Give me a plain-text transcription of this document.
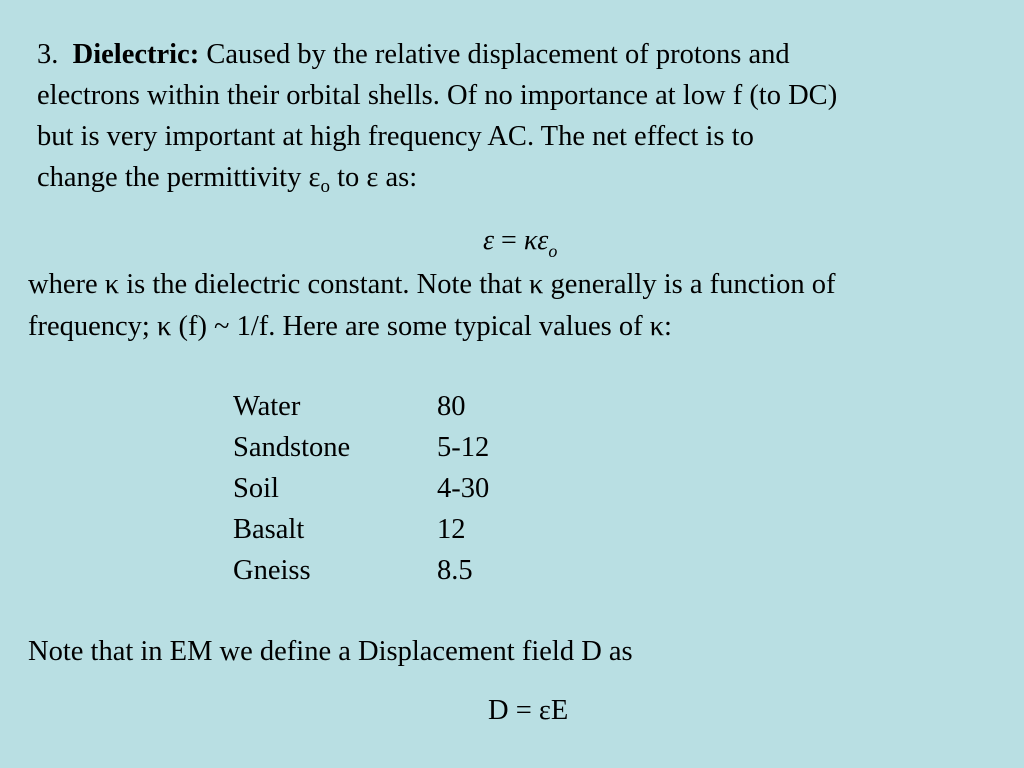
3. Dielectric: Caused by the relative displacement of protons and
electrons within their orbital shells. Of no importance at low f (to DC)
but is very important at high frequency AC. The net effect is to
change the permittivity $\varepsilon_o$ to ε as:
$\varepsilon = \kappa\varepsilon_o$
where κ is the dielectric constant. Note that κ generally is a function of
frequency; κ (f) ~ 1/f. Here are some typical values of κ:
Water	80
Sandstone	5-12
Soil	4-30
Basalt	12
Gneiss	8.5
Note that in EM we define a Displacement field D as
D = εE
